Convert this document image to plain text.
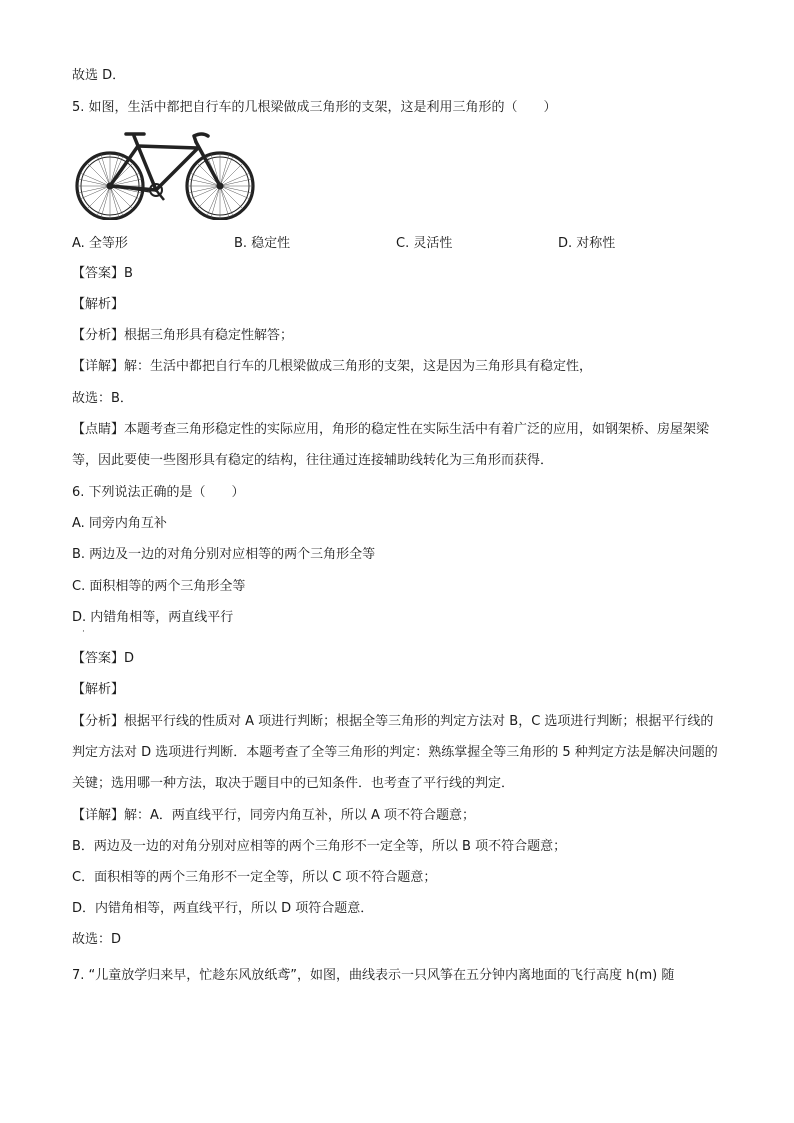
故选 D．
5. 如图，生活中都把自行车的几根梁做成三角形的支架，这是利用三角形的（　　）
A. 全等形	B. 稳定性	C. 灵活性	D. 对称性
【答案】B
【解析】
【分析】根据三角形具有稳定性解答；
【详解】解：生活中都把自行车的几根梁做成三角形的支架，这是因为三角形具有稳定性，
故选：B．
【点睛】本题考查三角形稳定性的实际应用，角形的稳定性在实际生活中有着广泛的应用，如钢架桥、房屋架梁等，因此要使一些图形具有稳定的结构，往往通过连接辅助线转化为三角形而获得．
6. 下列说法正确的是（　　）
A. 同旁内角互补
B. 两边及一边的对角分别对应相等的两个三角形全等
C. 面积相等的两个三角形全等
D. 内错角相等，两直线平行
·
【答案】D
【解析】
【分析】根据平行线的性质对 A 项进行判断；根据全等三角形的判定方法对 B，C 选项进行判断；根据平行线的判定方法对 D 选项进行判断．本题考查了全等三角形的判定：熟练掌握全等三角形的 5 种判定方法是解决问题的关键；选用哪一种方法，取决于题目中的已知条件．也考查了平行线的判定．
【详解】解：A．两直线平行，同旁内角互补，所以 A 项不符合题意；
B．两边及一边的对角分别对应相等的两个三角形不一定全等，所以 B 项不符合题意；
C．面积相等的两个三角形不一定全等，所以 C 项不符合题意；
D．内错角相等，两直线平行，所以 D 项符合题意．
故选：D
7. “儿童放学归来早，忙趁东风放纸鸢”，如图，曲线表示一只风筝在五分钟内离地面的飞行高度 h(m) 随
